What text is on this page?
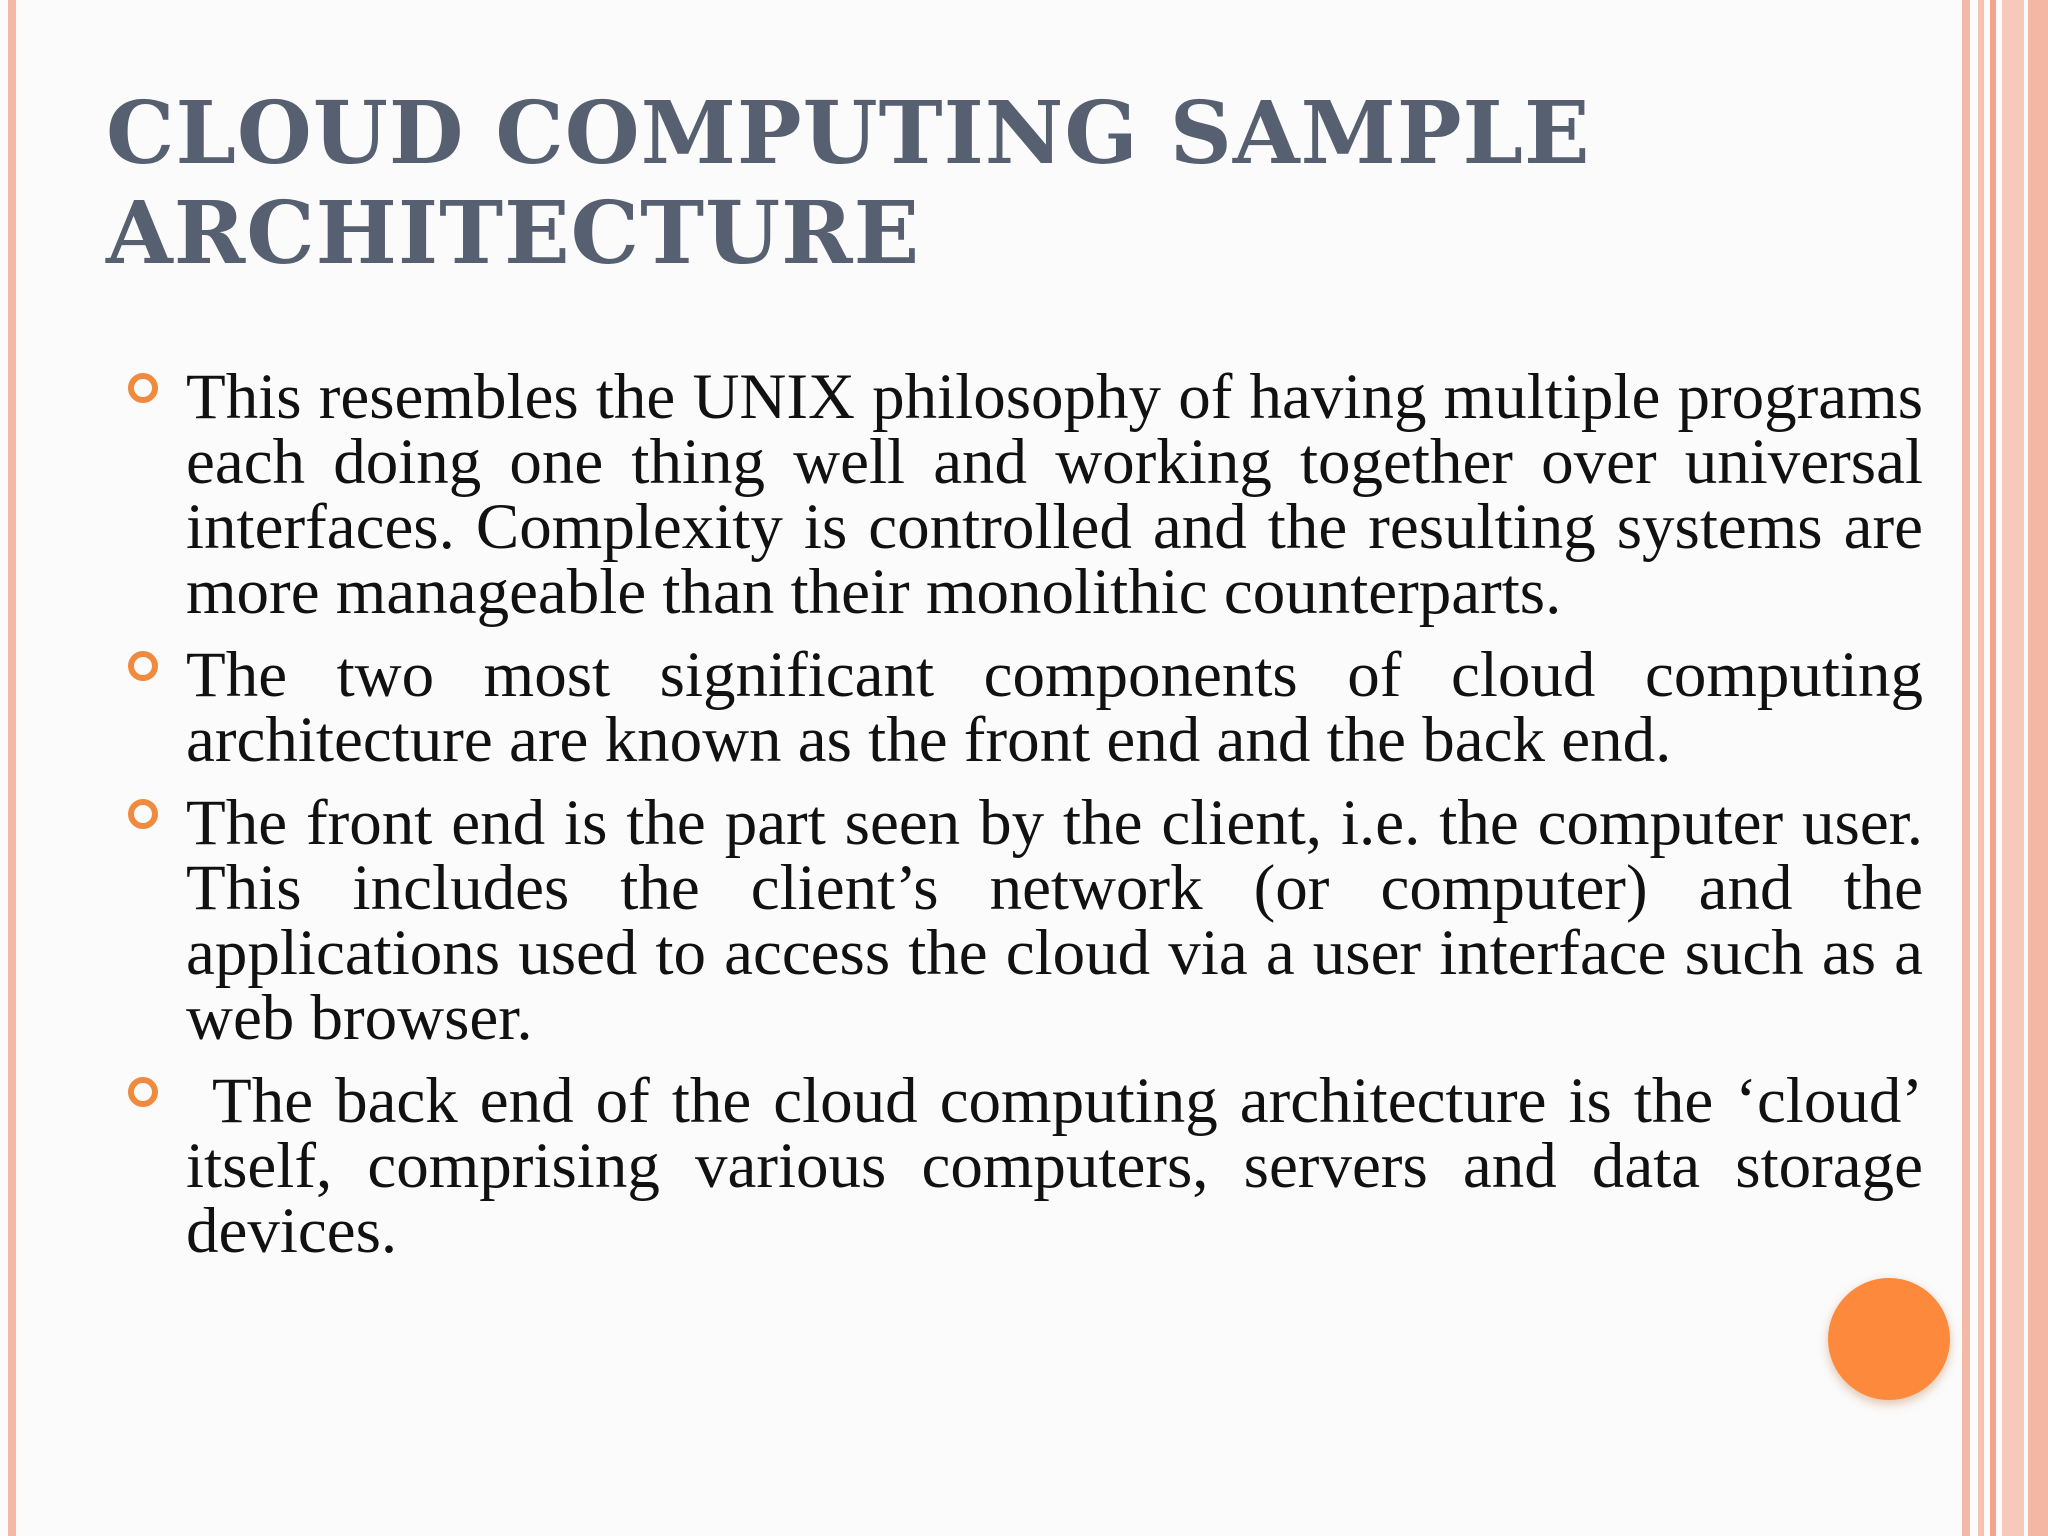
CLOUD COMPUTING SAMPLE
ARCHITECTURE
This resembles the UNIX philosophy of having multiple programs each doing one thing well and working together over universal interfaces. Complexity is controlled and the resulting systems are more manageable than their monolithic counterparts.
The two most significant components of cloud computing architecture are known as the front end and the back end.
The front end is the part seen by the client, i.e. the computer user. This includes the client’s network (or computer) and the applications used to access the cloud via a user interface such as a web browser.
The back end of the cloud computing architecture is the ‘cloud’ itself, comprising various computers, servers and data storage devices.
